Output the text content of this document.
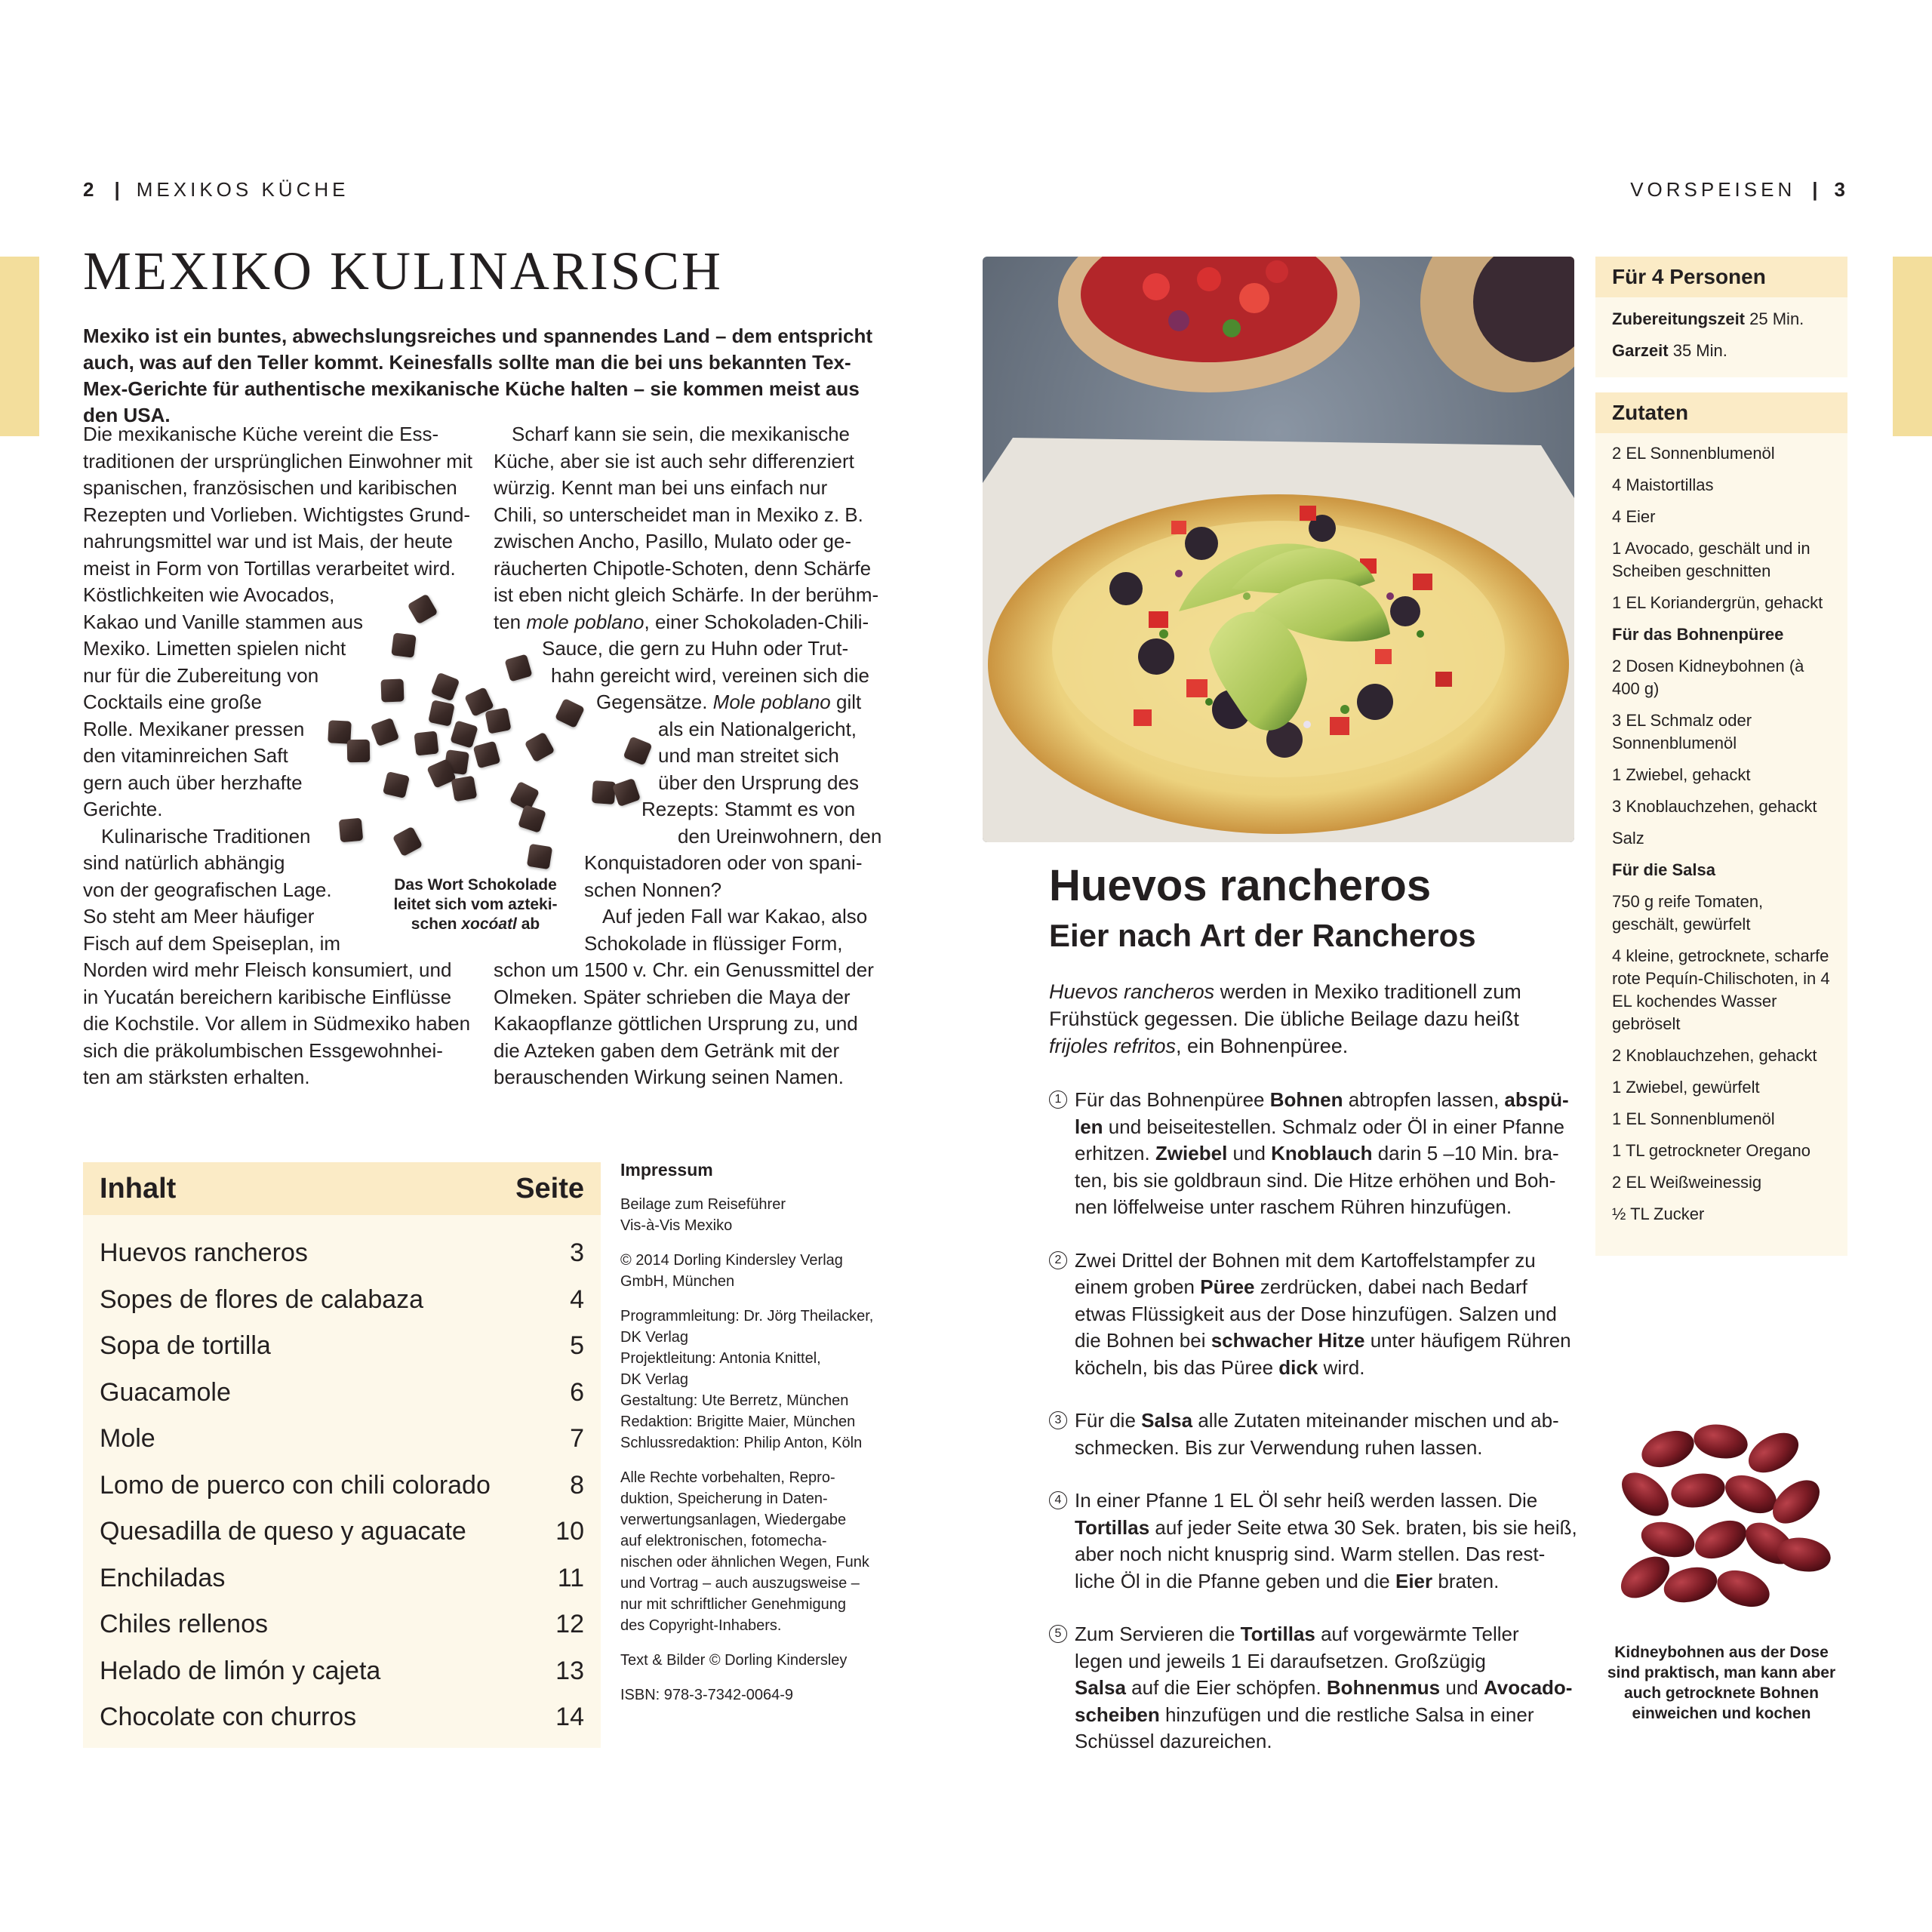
2 | MEXIKOS KÜCHE	VORSPEISEN | 3
MEXIKO KULINARISCH
Mexiko ist ein buntes, abwechslungsreiches und spannendes Land – dem entspricht auch, was auf den Teller kommt. Keinesfalls sollte man die bei uns bekannten Tex-Mex-Gerichte für authentische mexikanische Küche halten – sie kommen meist aus den USA.
Die mexikanische Küche vereint die Ess-
traditionen der ursprünglichen Einwohner mit
spanischen, französischen und karibischen
Rezepten und Vorlieben. Wichtigstes Grund-
nahrungsmittel war und ist Mais, der heute
meist in Form von Tortillas verarbeitet wird.
Köstlichkeiten wie Avocados,
Kakao und Vanille stammen aus
Mexiko. Limetten spielen nicht
nur für die Zubereitung von
Cocktails eine große
Rolle. Mexikaner pressen
den vitaminreichen Saft
gern auch über herzhafte
Gerichte.
Kulinarische Traditionen
sind natürlich abhängig
von der geografischen Lage.
So steht am Meer häufiger
Fisch auf dem Speiseplan, im
Norden wird mehr Fleisch konsumiert, und
in Yucatán bereichern karibische Einflüsse
die Kochstile. Vor allem in Südmexiko haben
sich die präkolumbischen Essgewohnhei-
ten am stärksten erhalten.
Scharf kann sie sein, die mexikanische
Küche, aber sie ist auch sehr differenziert
würzig. Kennt man bei uns einfach nur
Chili, so unterscheidet man in Mexiko z. B.
zwischen Ancho, Pasillo, Mulato oder ge-
räucherten Chipotle-Schoten, denn Schärfe
ist eben nicht gleich Schärfe. In der berühm-
ten mole poblano, einer Schokoladen-Chili-
Sauce, die gern zu Huhn oder Trut-
hahn gereicht wird, vereinen sich die
Gegensätze. Mole poblano gilt
als ein Nationalgericht,
und man streitet sich
über den Ursprung des
Rezepts: Stammt es von
den Ureinwohnern, den
Konquistadoren oder von spani-
schen Nonnen?
Auf jeden Fall war Kakao, also
Schokolade in flüssiger Form,
schon um 1500 v. Chr. ein Genussmittel der
Olmeken. Später schrieben die Maya der
Kakaopflanze göttlichen Ursprung zu, und
die Azteken gaben dem Getränk mit der
berauschenden Wirkung seinen Namen.
Das Wort Schokolade
leitet sich vom azteki-
schen xocóatl ab
Inhalt	Seite
Huevos rancheros	3
Sopes de flores de calabaza	4
Sopa de tortilla	5
Guacamole	6
Mole	7
Lomo de puerco con chili colorado	8
Quesadilla de queso y aguacate	10
Enchiladas	11
Chiles rellenos	12
Helado de limón y cajeta	13
Chocolate con churros	14
Impressum

Beilage zum Reiseführer
Vis-à-Vis Mexiko

© 2014 Dorling Kindersley Verlag
GmbH, München

Programmleitung: Dr. Jörg Theilacker,
DK Verlag
Projektleitung: Antonia Knittel,
DK Verlag
Gestaltung: Ute Berretz, München
Redaktion: Brigitte Maier, München
Schlussredaktion: Philip Anton, Köln

Alle Rechte vorbehalten, Repro-
duktion, Speicherung in Daten-
verwertungsanlagen, Wiedergabe
auf elektronischen, fotomecha-
nischen oder ähnlichen Wegen, Funk
und Vortrag – auch auszugsweise –
nur mit schriftlicher Genehmigung
des Copyright-Inhabers.

Text & Bilder © Dorling Kindersley

ISBN: 978-3-7342-0064-9

Huevos rancheros
Eier nach Art der Rancheros
Huevos rancheros werden in Mexiko traditionell zum Frühstück gegessen. Die übliche Beilage dazu heißt frijoles refritos, ein Bohnenpüree.
1 Für das Bohnenpüree Bohnen abtropfen lassen, abspü-
len und beiseitestellen. Schmalz oder Öl in einer Pfanne
erhitzen. Zwiebel und Knoblauch darin 5 –10 Min. bra-
ten, bis sie goldbraun sind. Die Hitze erhöhen und Boh-
nen löffelweise unter raschem Rühren hinzufügen.
2 Zwei Drittel der Bohnen mit dem Kartoffelstampfer zu
einem groben Püree zerdrücken, dabei nach Bedarf
etwas Flüssigkeit aus der Dose hinzufügen. Salzen und
die Bohnen bei schwacher Hitze unter häufigem Rühren
köcheln, bis das Püree dick wird.
3 Für die Salsa alle Zutaten miteinander mischen und ab-
schmecken. Bis zur Verwendung ruhen lassen.
4 In einer Pfanne 1 EL Öl sehr heiß werden lassen. Die
Tortillas auf jeder Seite etwa 30 Sek. braten, bis sie heiß,
aber noch nicht knusprig sind. Warm stellen. Das rest-
liche Öl in die Pfanne geben und die Eier braten.
5 Zum Servieren die Tortillas auf vorgewärmte Teller
legen und jeweils 1 Ei daraufsetzen. Großzügig
Salsa auf die Eier schöpfen. Bohnenmus und Avocado-
scheiben hinzufügen und die restliche Salsa in einer
Schüssel dazureichen.
Für 4 Personen
Zubereitungszeit 25 Min.
Garzeit 35 Min.
Zutaten
2 EL Sonnenblumenöl
4 Maistortillas
4 Eier
1 Avocado, geschält und in Scheiben geschnitten
1 EL Koriandergrün, gehackt
Für das Bohnenpüree
2 Dosen Kidneybohnen (à 400 g)
3 EL Schmalz oder Sonnenblumenöl
1 Zwiebel, gehackt
3 Knoblauchzehen, gehackt
Salz
Für die Salsa
750 g reife Tomaten, geschält, gewürfelt
4 kleine, getrocknete, scharfe rote Pequín-Chilischoten, in 4 EL kochendes Wasser gebröselt
2 Knoblauchzehen, gehackt
1 Zwiebel, gewürfelt
1 EL Sonnenblumenöl
1 TL getrockneter Oregano
2 EL Weißweinessig
½ TL Zucker
Kidneybohnen aus der Dose
sind praktisch, man kann aber
auch getrocknete Bohnen
einweichen und kochen
